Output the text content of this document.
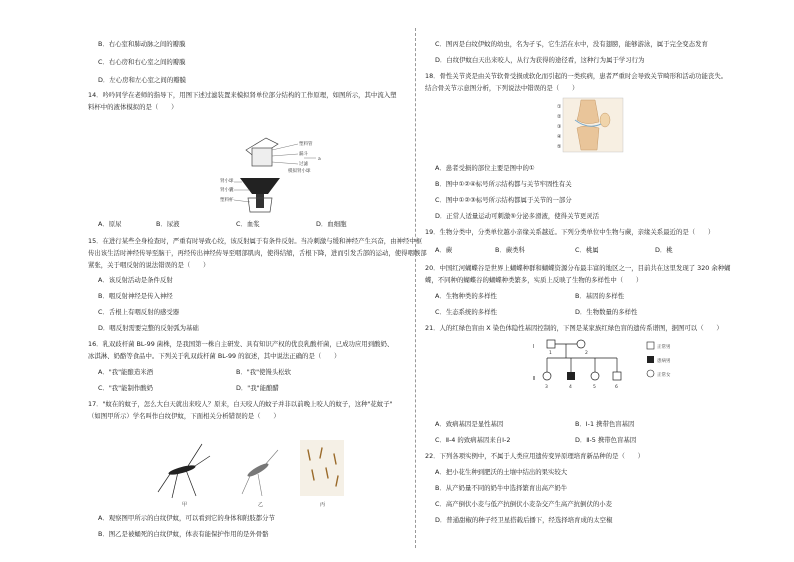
B．右心室和肺动脉之间的瓣膜
C．右心房和右心室之间的瓣膜
D．左心房和左心室之间的瓣膜
14．吟吟同学在老师的指导下，用图下述过滤装置来模拟肾单位部分结构的工作原理，如图所示，其中流入塑
料杯中的液体模拟的是（　　）
塑料管
漏斗
过滤
a
模拟肾小球
肾小球
肾小囊
塑料杯
A．原尿	B．尿液	C．血浆	D．血细胞
15．在进行某些全身检查时，严重有时导致心绞，该反射属于有条件反射。当冷刺激与缓和神经产生兴奋，由神经中枢
传出该生活时神经传导至脑干，再经传出神经传导至咽部肌肉，使得结缩，舌根下降，进而引发舌部的运动，使得咽喉部
紧张，关于咽反射的说法错误的是（　　）
A．该反射活动是条件反射
B．咽反射神经是传入神经
C．舌根上有咽反射的感受器
D．咽反射需要完整的反射弧为基础
16．乳双歧杆菌 BL-99 菌株，是我国第一株自主研发、具有知识产权的优良乳酸杆菌，已成功应用到酸奶、
冰淇淋、奶酪等食品中。下列关于乳双歧杆菌 BL-99 的叙述，其中说法正确的是（　　）
A．"我"能酿造米酒	B．"我"使馒头松软
C．"我"能制作酸奶	D．"我"能酿醋
17．"蚊在的蚊子，怎么大白天就出来咬人？原来，白天咬人的蚊子并非以前晚上咬人的蚊子，这种"花蚊子"
（如图甲所示）学名叫作白纹伊蚊，下面相关分析错误的是（　　）
甲	乙	丙
A．观察图甲所示的白纹伊蚊，可以看到它的身体和附肢都分节
B．图乙是被蛹死的白纹伊蚊，体表有能保护作用的是外骨骼
C．图丙是白纹伊蚊的幼虫，名为孑孓，它生活在水中，没有翅膀，能够游泳，属于完全变态发育
D．白纹伊蚊白天出来咬人，从行为获得的途径看，这种行为属于学习行为
18．骨性关节炎是由关节软骨受损或软化而引起的一类疾病，患者严重时会导致关节畸形和活动功能丧失。
结合骨关节示意图分析，下列说法中错误的是（　　）
①
②
③
④
⑤
A．患者受损的部位主要是图中的①
B．图中①②④标号所示结构都与关节牢固性有关
C．图中①②③标号所示结构都属于关节的一部分
D．正常人适量运动可刺激⑤分泌多滑液，使得关节更灵活
19．生物分类中，分类单位越小亲缘关系越近。下列分类单位中生物与蕨，亲缘关系最近的是（　　）
A．蕨	B．蕨类科	C．桃属	D．桃
20．中国红河蝴蝶谷是世界上蝴蝶种群和蝴蝶资源分布最丰富的地区之一，目前共在这里发现了 320 余种蝴
蝶，不同种的蝴蝶谷的蝴蝶种类繁多，实质上反映了生物的多样性中（　　）
A．生物种类的多样性	B．基因的多样性
C．生态系统的多样性	D．生物数量的多样性
21．人的红绿色盲由 X 染色体隐性基因控制的，下图是某家族红绿色盲的遗传系谱图，据图可以（　　）
Ⅰ
Ⅱ
1	2
3	4	5	6
正常男
患病男
正常女
A．致病基因是显性基因	B．Ⅰ-1 携带色盲基因
C．Ⅱ-4 的致病基因来自Ⅰ-2	D．Ⅱ-5 携带色盲基因
22．下列各项实例中，不属于人类应用遗传变异原理培育新品种的是（　　）
A．把小花生种到肥沃的土壤中结出的果实较大
B．从产奶量不同的奶牛中选择繁育出高产奶牛
C．高产倒伏小麦与低产抗倒伏小麦杂交产生高产抗倒伏的小麦
D．普通甜椒的种子经卫星搭载后播下，经选择培育成的太空椒
